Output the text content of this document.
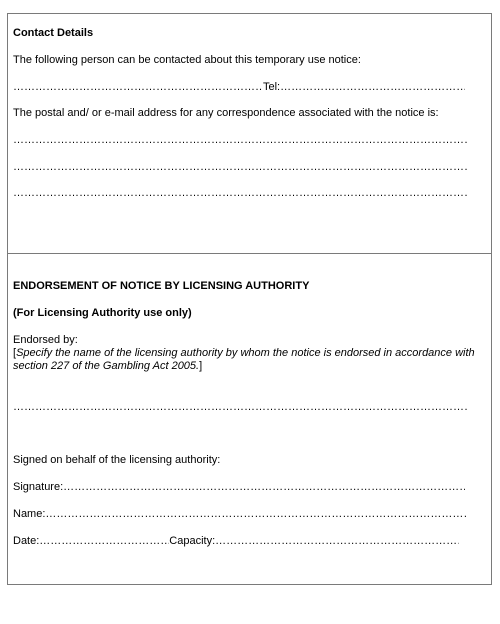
Contact Details
The following person can be contacted about this temporary use notice:
…………………………………………………………………………………………………………………………………………………………………
Tel:
…………………………………………………………………………………………………………………………………………………………………
The postal and/ or e-mail address for any correspondence associated with the notice is:
…………………………………………………………………………………………………………………………………………………………………
…………………………………………………………………………………………………………………………………………………………………
…………………………………………………………………………………………………………………………………………………………………
ENDORSEMENT OF NOTICE BY LICENSING AUTHORITY
(For Licensing Authority use only)
Endorsed by:
[Specify the name of the licensing authority by whom the notice is endorsed in accordance with section 227 of the Gambling Act 2005.]
…………………………………………………………………………………………………………………………………………………………………
Signed on behalf of the licensing authority:
Signature:
…………………………………………………………………………………………………………………………………………………………………
Name:
…………………………………………………………………………………………………………………………………………………………………
Date:
…………………………………………………………………………………………………………………………………………………………………	Capacity:
…………………………………………………………………………………………………………………………………………………………………
